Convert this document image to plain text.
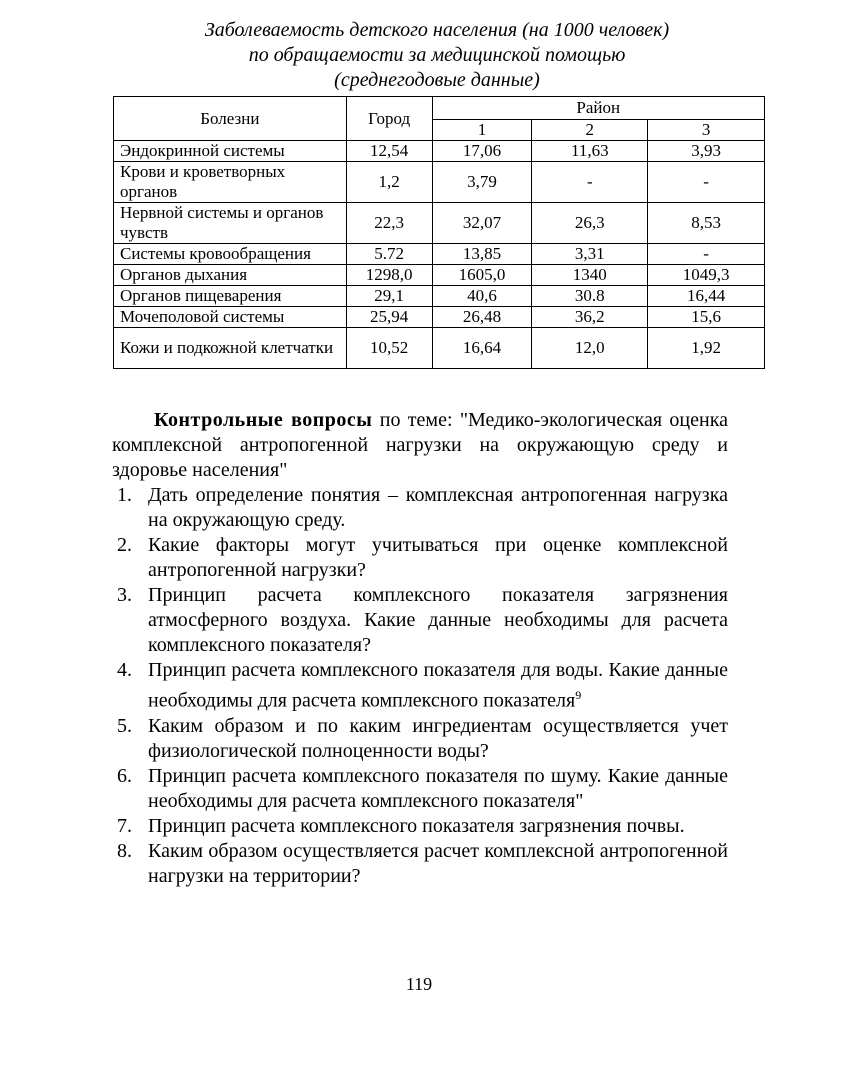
Заболеваемость детского населения (на 1000 человек)
по обращаемости за медицинской помощью
(среднегодовые данные)
Болезни	Город	Район		
		1	2	3
Эндокринной системы	12,54	17,06	11,63	3,93
Крови и кроветворных органов	1,2	3,79	-	-
Нервной системы и органов чувств	22,3	32,07	26,3	8,53
Системы кровообращения	5.72	13,85	3,31	-
Органов дыхания	1298,0	1605,0	1340	1049,3
Органов пищеварения	29,1	40,6	30.8	16,44
Мочеполовой системы	25,94	26,48	36,2	15,6
Кожи и подкожной клетчатки	10,52	16,64	12,0	1,92

Контрольные вопросы по теме: "Медико-экологическая оценка комплексной антропогенной нагрузки на окружающую среду и здоровье населения"

1. Дать определение понятия – комплексная антропогенная нагрузка на окружающую среду.
2. Какие факторы могут учитываться при оценке комплексной антропогенной нагрузки?
3. Принцип расчета комплексного показателя загрязнения атмосферного воздуха. Какие данные необходимы для расчета комплексного показателя?
4. Принцип расчета комплексного показателя для воды. Какие данные необходимы для расчета комплексного показателя$^9$
5. Каким образом и по каким ингредиентам осуществляется учет физиологической полноценности воды?
6. Принцип расчета комплексного показателя по шуму. Какие данные необходимы для расчета комплексного показателя"
7. Принцип расчета комплексного показателя загрязнения почвы.
8. Каким образом осуществляется расчет комплексной антропогенной нагрузки на территории?
119
